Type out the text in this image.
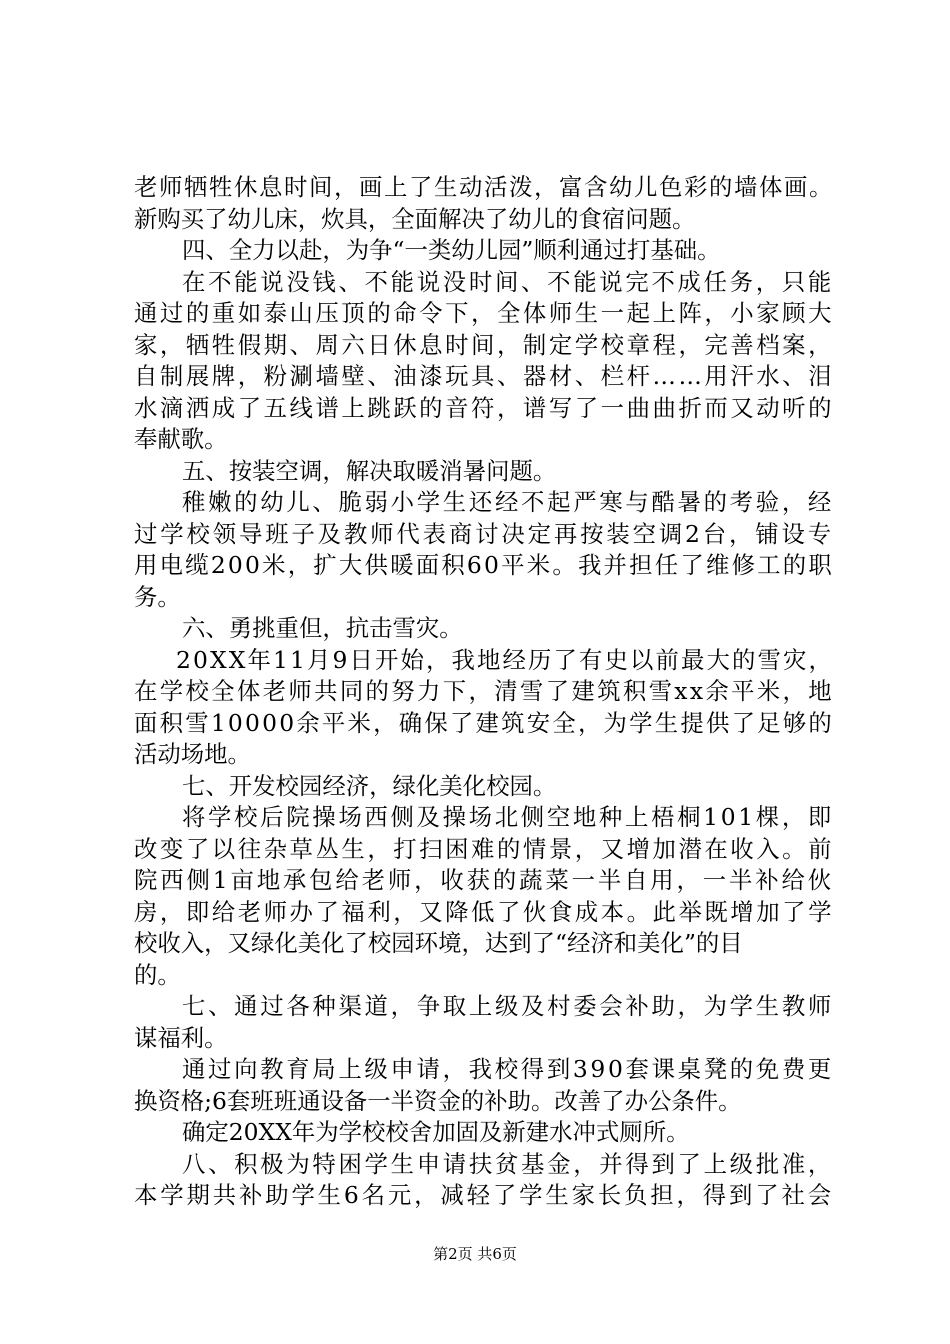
老师牺牲休息时间，画上了生动活泼，富含幼儿色彩的墙体画。
新购买了幼儿床，炊具，全面解决了幼儿的食宿问题。
四、全力以赴，为争“一类幼儿园”顺利通过打基础。
在不能说没钱、不能说没时间、不能说完不成任务，只能
通过的重如泰山压顶的命令下，全体师生一起上阵，小家顾大
家，牺牲假期、周六日休息时间，制定学校章程，完善档案，
自制展牌，粉涮墙壁、油漆玩具、器材、栏杆……用汗水、泪
水滴洒成了五线谱上跳跃的音符，谱写了一曲曲折而又动听的
奉献歌。
五、按装空调，解决取暖消暑问题。
稚嫩的幼儿、脆弱小学生还经不起严寒与酷暑的考验，经
过学校领导班子及教师代表商讨决定再按装空调2台，铺设专
用电缆200米，扩大供暖面积60平米。我并担任了维修工的职
务。
六、勇挑重但，抗击雪灾。
20XX年11月9日开始，我地经历了有史以前最大的雪灾，
在学校全体老师共同的努力下，清雪了建筑积雪xx余平米，地
面积雪10000余平米，确保了建筑安全，为学生提供了足够的
活动场地。
七、开发校园经济，绿化美化校园。
将学校后院操场西侧及操场北侧空地种上梧桐101棵，即
改变了以往杂草丛生，打扫困难的情景，又增加潜在收入。前
院西侧1亩地承包给老师，收获的蔬菜一半自用，一半补给伙
房，即给老师办了福利，又降低了伙食成本。此举既增加了学
校收入，又绿化美化了校园环境，达到了“经济和美化”的目
的。
七、通过各种渠道，争取上级及村委会补助，为学生教师
谋福利。
通过向教育局上级申请，我校得到390套课桌凳的免费更
换资格;6套班班通设备一半资金的补助。改善了办公条件。
确定20XX年为学校校舍加固及新建水冲式厕所。
八、积极为特困学生申请扶贫基金，并得到了上级批准，
本学期共补助学生6名元，减轻了学生家长负担，得到了社会
第2页 共6页
